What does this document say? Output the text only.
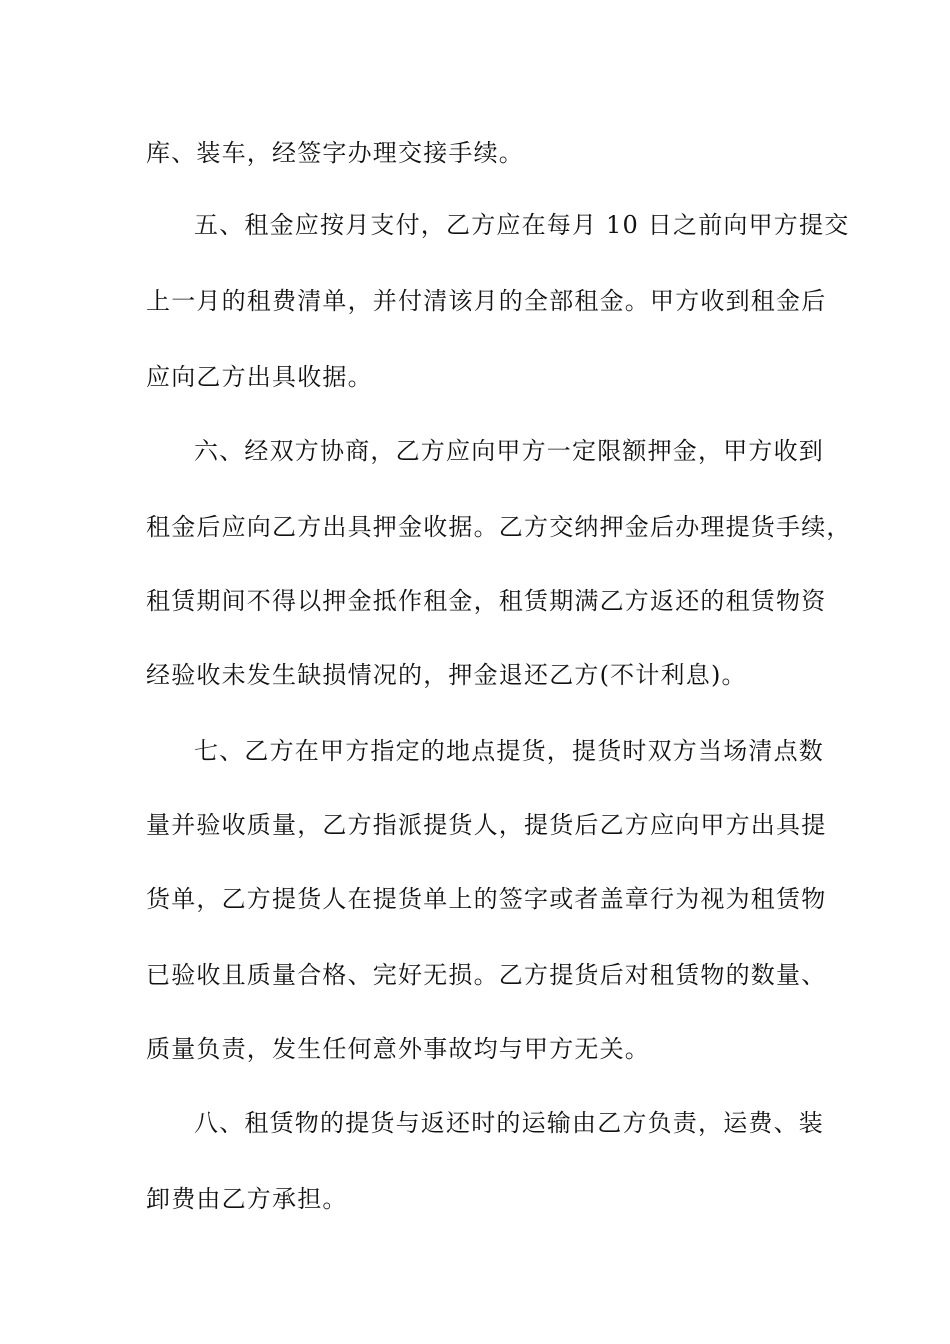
库、装车，经签字办理交接手续。
五、租金应按月支付，乙方应在每月 10 日之前向甲方提交
上一月的租费清单，并付清该月的全部租金。甲方收到租金后
应向乙方出具收据。
六、经双方协商，乙方应向甲方一定限额押金，甲方收到
租金后应向乙方出具押金收据。乙方交纳押金后办理提货手续，
租赁期间不得以押金抵作租金，租赁期满乙方返还的租赁物资
经验收未发生缺损情况的，押金退还乙方(不计利息)。
七、乙方在甲方指定的地点提货，提货时双方当场清点数
量并验收质量，乙方指派提货人，提货后乙方应向甲方出具提
货单，乙方提货人在提货单上的签字或者盖章行为视为租赁物
已验收且质量合格、完好无损。乙方提货后对租赁物的数量、
质量负责，发生任何意外事故均与甲方无关。
八、租赁物的提货与返还时的运输由乙方负责，运费、装
卸费由乙方承担。
